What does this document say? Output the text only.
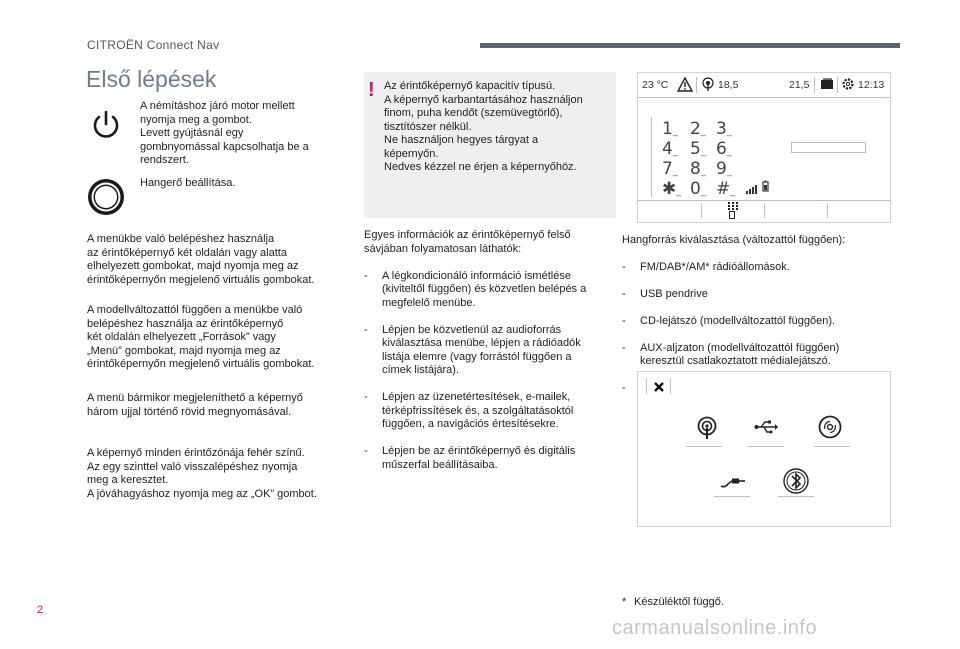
CITROËN Connect Nav
Első lépések
A némításhoz járó motor mellett
nyomja meg a gombot.
Levett gyújtásnál egy
gombnyomással kapcsolhatja be a
rendszert.
Hangerő beállítása.
A menükbe való belépéshez használja
az érintőképernyő két oldalán vagy alatta
elhelyezett gombokat, majd nyomja meg az
érintőképernyőn megjelenő virtuális gombokat.
A modellváltozattól függően a menükbe való
belépéshez használja az érintőképernyő
két oldalán elhelyezett „Források” vagy
„Menü” gombokat, majd nyomja meg az
érintőképernyőn megjelenő virtuális gombokat.
A menü bármikor megjeleníthető a képernyő
három ujjal történő rövid megnyomásával.
A képernyő minden érintőzónája fehér színű.
Az egy szinttel való visszalépéshez nyomja
meg a keresztet.
A jóváhagyáshoz nyomja meg az „OK” gombot.
! Az érintőképernyő kapacitív típusú.
A képernyő karbantartásához használjon
finom, puha kendőt (szemüvegtörlő),
tisztítószer nélkül.
Ne használjon hegyes tárgyat a
képernyőn.
Nedves kézzel ne érjen a képernyőhöz.
Egyes információk az érintőképernyő felső
sávjában folyamatosan láthatók:

- A légkondicionáló információ ismétlése
(kiviteltől függően) és közvetlen belépés a
megfelelő menübe.

- Lépjen be közvetlenül az audioforrás
kiválasztása menübe, lépjen a rádióadók
listája elemre (vagy forrástól függően a
címek listájára).

- Lépjen az üzenetértesítések, e-mailek,
térképfrissítések és, a szolgáltatásoktól
függően, a navigációs értesítésekre.

- Lépjen be az érintőképernyő és digitális
műszerfal beállításaiba.

23 °C	18,5	21,5	12:13
1_ 2_ 3_
4_ 5_ 6_
7_ 8_ 9_
✱_ 0_ #_
Hangforrás kiválasztása (változattól függően):

- FM/DAB*/AM* rádióállomások.

- USB pendrive

- CD-lejátszó (modellváltozattól függően).

- AUX-aljzaton (modellváltozattól függően)
keresztül csatlakoztatott médialejátszó.

-

* Készüléktől függő.
2
carmanualsonline.info
